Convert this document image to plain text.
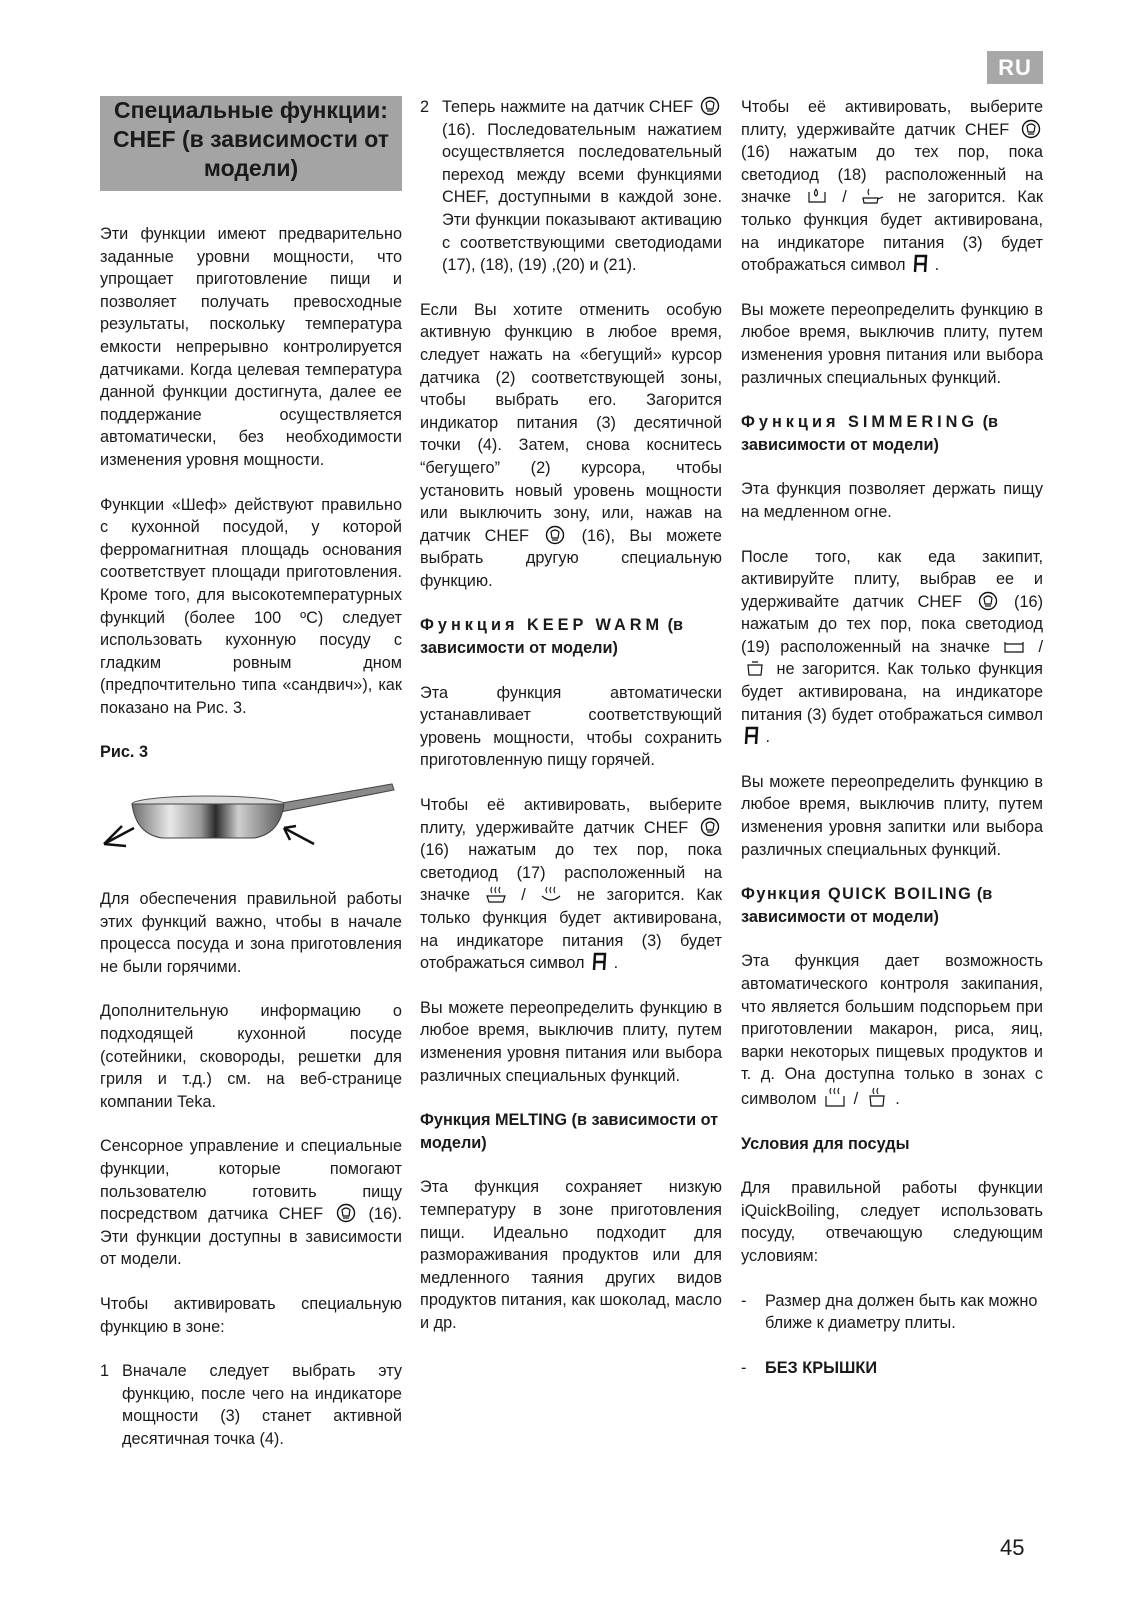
RU
Специальные функции: CHEF (в зависимости от модели)

Эти функции имеют предварительно заданные уровни мощности, что упрощает приготовление пищи и позволяет получать превосходные результаты, поскольку температура емкости непрерывно контролируется датчиками. Когда целевая температура данной функции достигнута, далее ее поддержание осуществляется автоматически, без необходимости изменения уровня мощности.

Функции «Шеф» действуют правильно с кухонной посудой, у которой ферромагнитная площадь основания соответствует площади приготовления. Кроме того, для высокотемпературных функций (более 100 ºC) следует использовать кухонную посуду с гладким ровным дном (предпочтительно типа «сандвич»), как показано на Рис. 3.

Рис. 3

Для обеспечения правильной работы этих функций важно, чтобы в начале процесса посуда и зона приготовления не были горячими.

Дополнительную информацию о подходящей кухонной посуде (сотейники, сковороды, решетки для гриля и т.д.) см. на веб-странице компании Teka.

Сенсорное управление и специальные функции, которые помогают пользователю готовить пищу посредством датчика CHEF	(16). Эти функции доступны в зависимости от модели.

Чтобы активировать специальную функцию в зоне:

1 Вначале следует выбрать эту функцию, после чего на индикаторе мощности (3) станет активной десятичная точка (4).
2 Теперь нажмите на датчик CHEF  (16). Последовательным нажатием осуществляется последовательный переход между всеми функциями CHEF, доступными в каждой зоне. Эти функции показывают активацию с соответствующими светодиодами (17), (18), (19) ,(20) и (21).

Если Вы хотите отменить особую активную функцию в любое время, следует нажать на «бегущий» курсор датчика (2) соответствующей зоны, чтобы выбрать его. Загорится индикатор питания (3) десятичной точки (4). Затем, снова коснитесь “бегущего” (2) курсора, чтобы установить новый уровень мощности или выключить зону, или, нажав на датчик CHEF	(16), Вы можете выбрать другую специальную функцию.

Функция KEEP WARM (в зависимости от модели)

Эта функция автоматически устанавливает соответствующий уровень мощности, чтобы сохранить приготовленную пищу горячей.

Чтобы её активировать, выберите плиту, удерживайте датчик CHEF  (16) нажатым до тех пор, пока светодиод (17) расположенный на значке	/	не загорится. Как только функция будет активирована, на индикаторе питания (3) будет отображаться символ .

Вы можете переопределить функцию в любое время, выключив плиту, путем изменения уровня питания или выбора различных специальных функций.

Функция MELTING (в зависимости от модели)

Эта функция сохраняет низкую температуру в зоне приготовления пищи. Идеально подходит для размораживания продуктов или для медленного таяния других видов продуктов питания, как шоколад, масло и др.

Чтобы её активировать, выберите плиту, удерживайте датчик CHEF  (16) нажатым до тех пор, пока светодиод (18) расположенный на значке	/	не загорится. Как только функция будет активирована, на индикаторе питания (3) будет отображаться символ .

Вы можете переопределить функцию в любое время, выключив плиту, путем изменения уровня питания или выбора различных специальных функций.

Функция SIMMERING (в зависимости от модели)

Эта функция позволяет держать пищу на медленном огне.

После того, как еда закипит, активируйте плиту, выбрав ее и удерживайте датчик CHEF	(16) нажатым до тех пор, пока светодиод (19) расположенный на значке	/  не загорится. Как только функция будет активирована, на индикаторе питания (3) будет отображаться символ  .

Вы можете переопределить функцию в любое время, выключив плиту, путем изменения уровня запитки или выбора различных специальных функций.

Функция QUICK BOILING (в зависимости от модели)

Эта функция дает возможность автоматического контроля закипания, что является большим подспорьем при приготовлении макарон, риса, яиц, варки некоторых пищевых продуктов и т. д. Она доступна только в зонах с символом / .

Условия для посуды

Для правильной работы функции iQuickBoiling, следует использовать посуду, отвечающую следующим условиям:

-	Размер дна должен быть как можно ближе к диаметру плиты.
-	БЕЗ КРЫШКИ
45
